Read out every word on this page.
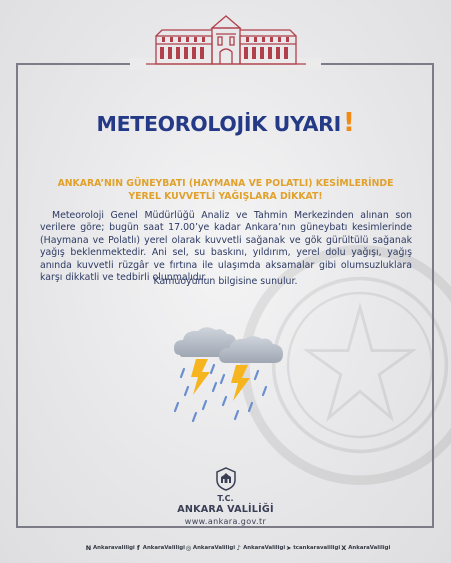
METEOROLOJİK UYARI!
ANKARA’NIN GÜNEYBATI (HAYMANA VE POLATLI) KESİMLERİNDE
YEREL KUVVETLİ YAĞIŞLARA DİKKAT!
Meteoroloji Genel Müdürlüğü Analiz ve Tahmin Merkezinden alınan son verilere göre; bugün saat 17.00’ye kadar Ankara’nın güneybatı kesimlerinde (Haymana ve Polatlı) yerel olarak kuvvetli sağanak ve gök gürültülü sağanak yağış beklenmektedir. Ani sel, su baskını, yıldırım, yerel dolu yağışı, yağış anında kuvvetli rüzgâr ve fırtına ile ulaşımda aksamalar gibi olumsuzluklara karşı dikkatli ve tedbirli olunmalıdır.
Kamuoyunun bilgisine sunulur.
T.C.
ANKARA VALİLİĞİ
www.ankara.gov.tr
N Ankaravaliligi f AnkaraValiligi ◎ AnkaraValiligi ♪ AnkaraValiligi ➤ tcankaravaliligi X AnkaraValiligi
